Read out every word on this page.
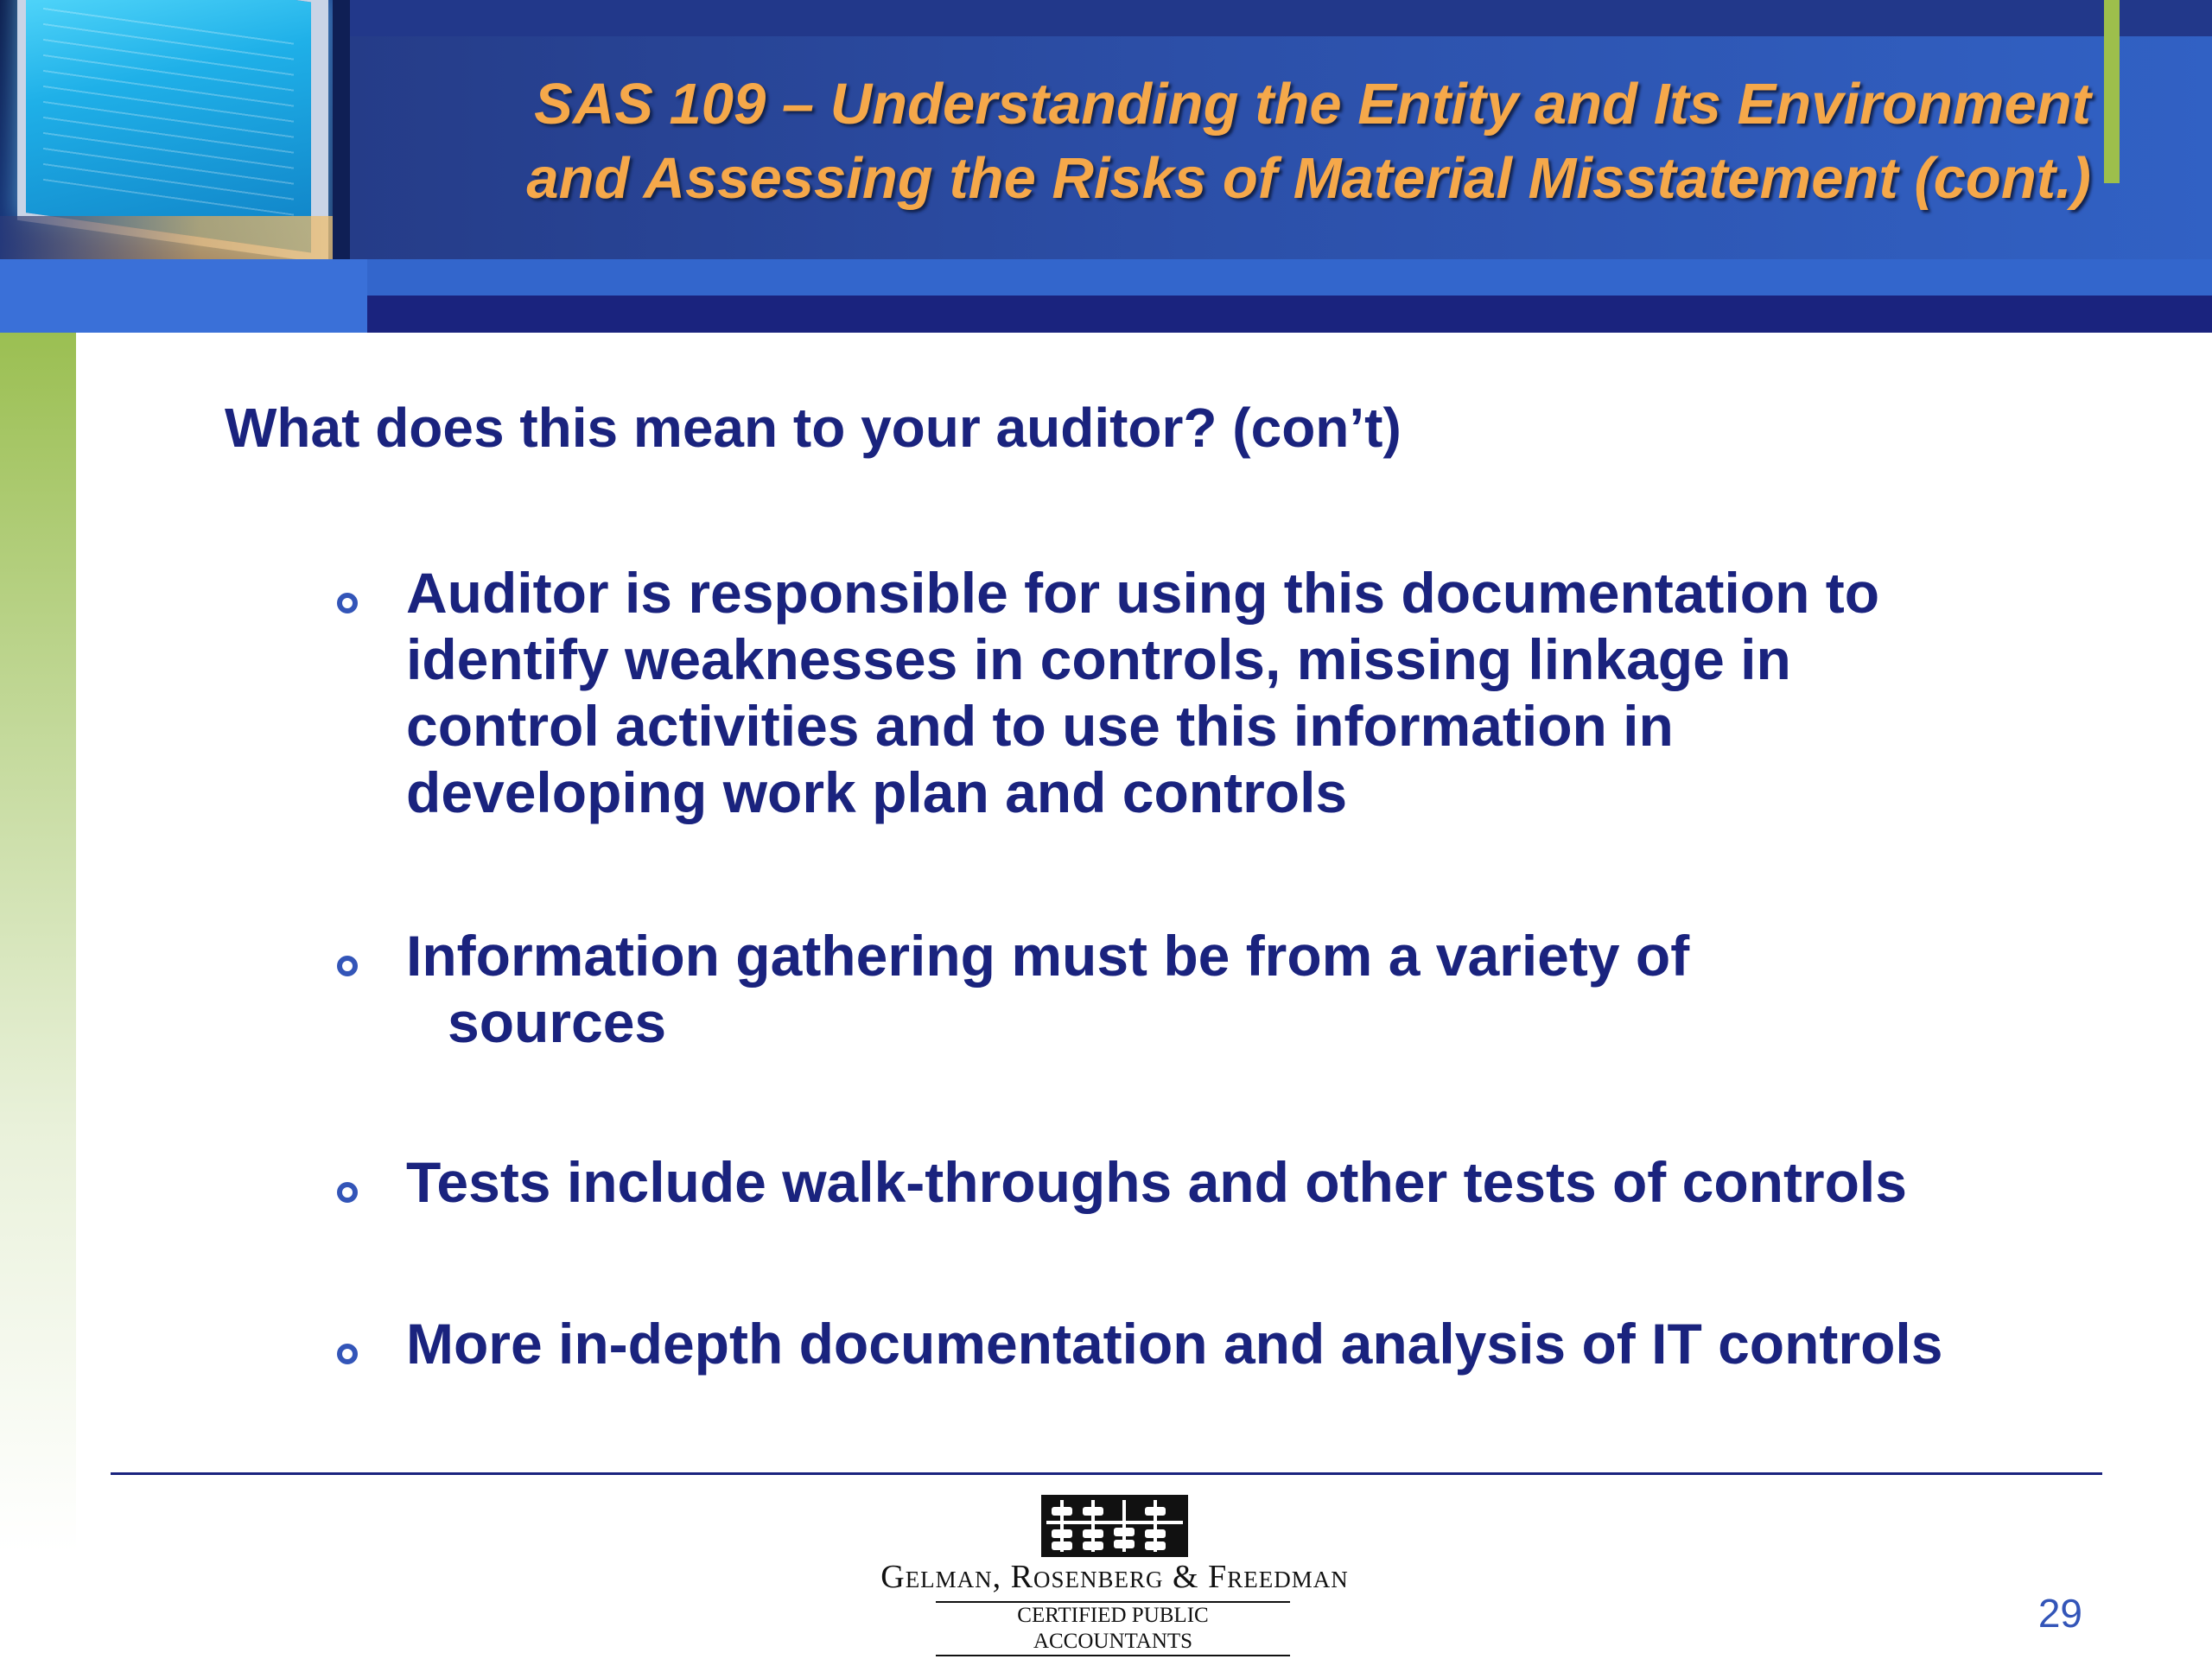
SAS 109 – Understanding the Entity and Its Environment
and Assessing the Risks of Material Misstatement (cont.)

What does this mean to your auditor? (con’t)

Auditor is responsible for using this documentation to
identify weaknesses in controls, missing linkage in
control activities and to use this information in
developing work plan and controls
Information gathering must be from a variety of
sources
Tests include walk-throughs and other tests of controls
More in-depth documentation and analysis of IT controls
Gelman, Rosenberg & Freedman
CERTIFIED PUBLIC ACCOUNTANTS
29
